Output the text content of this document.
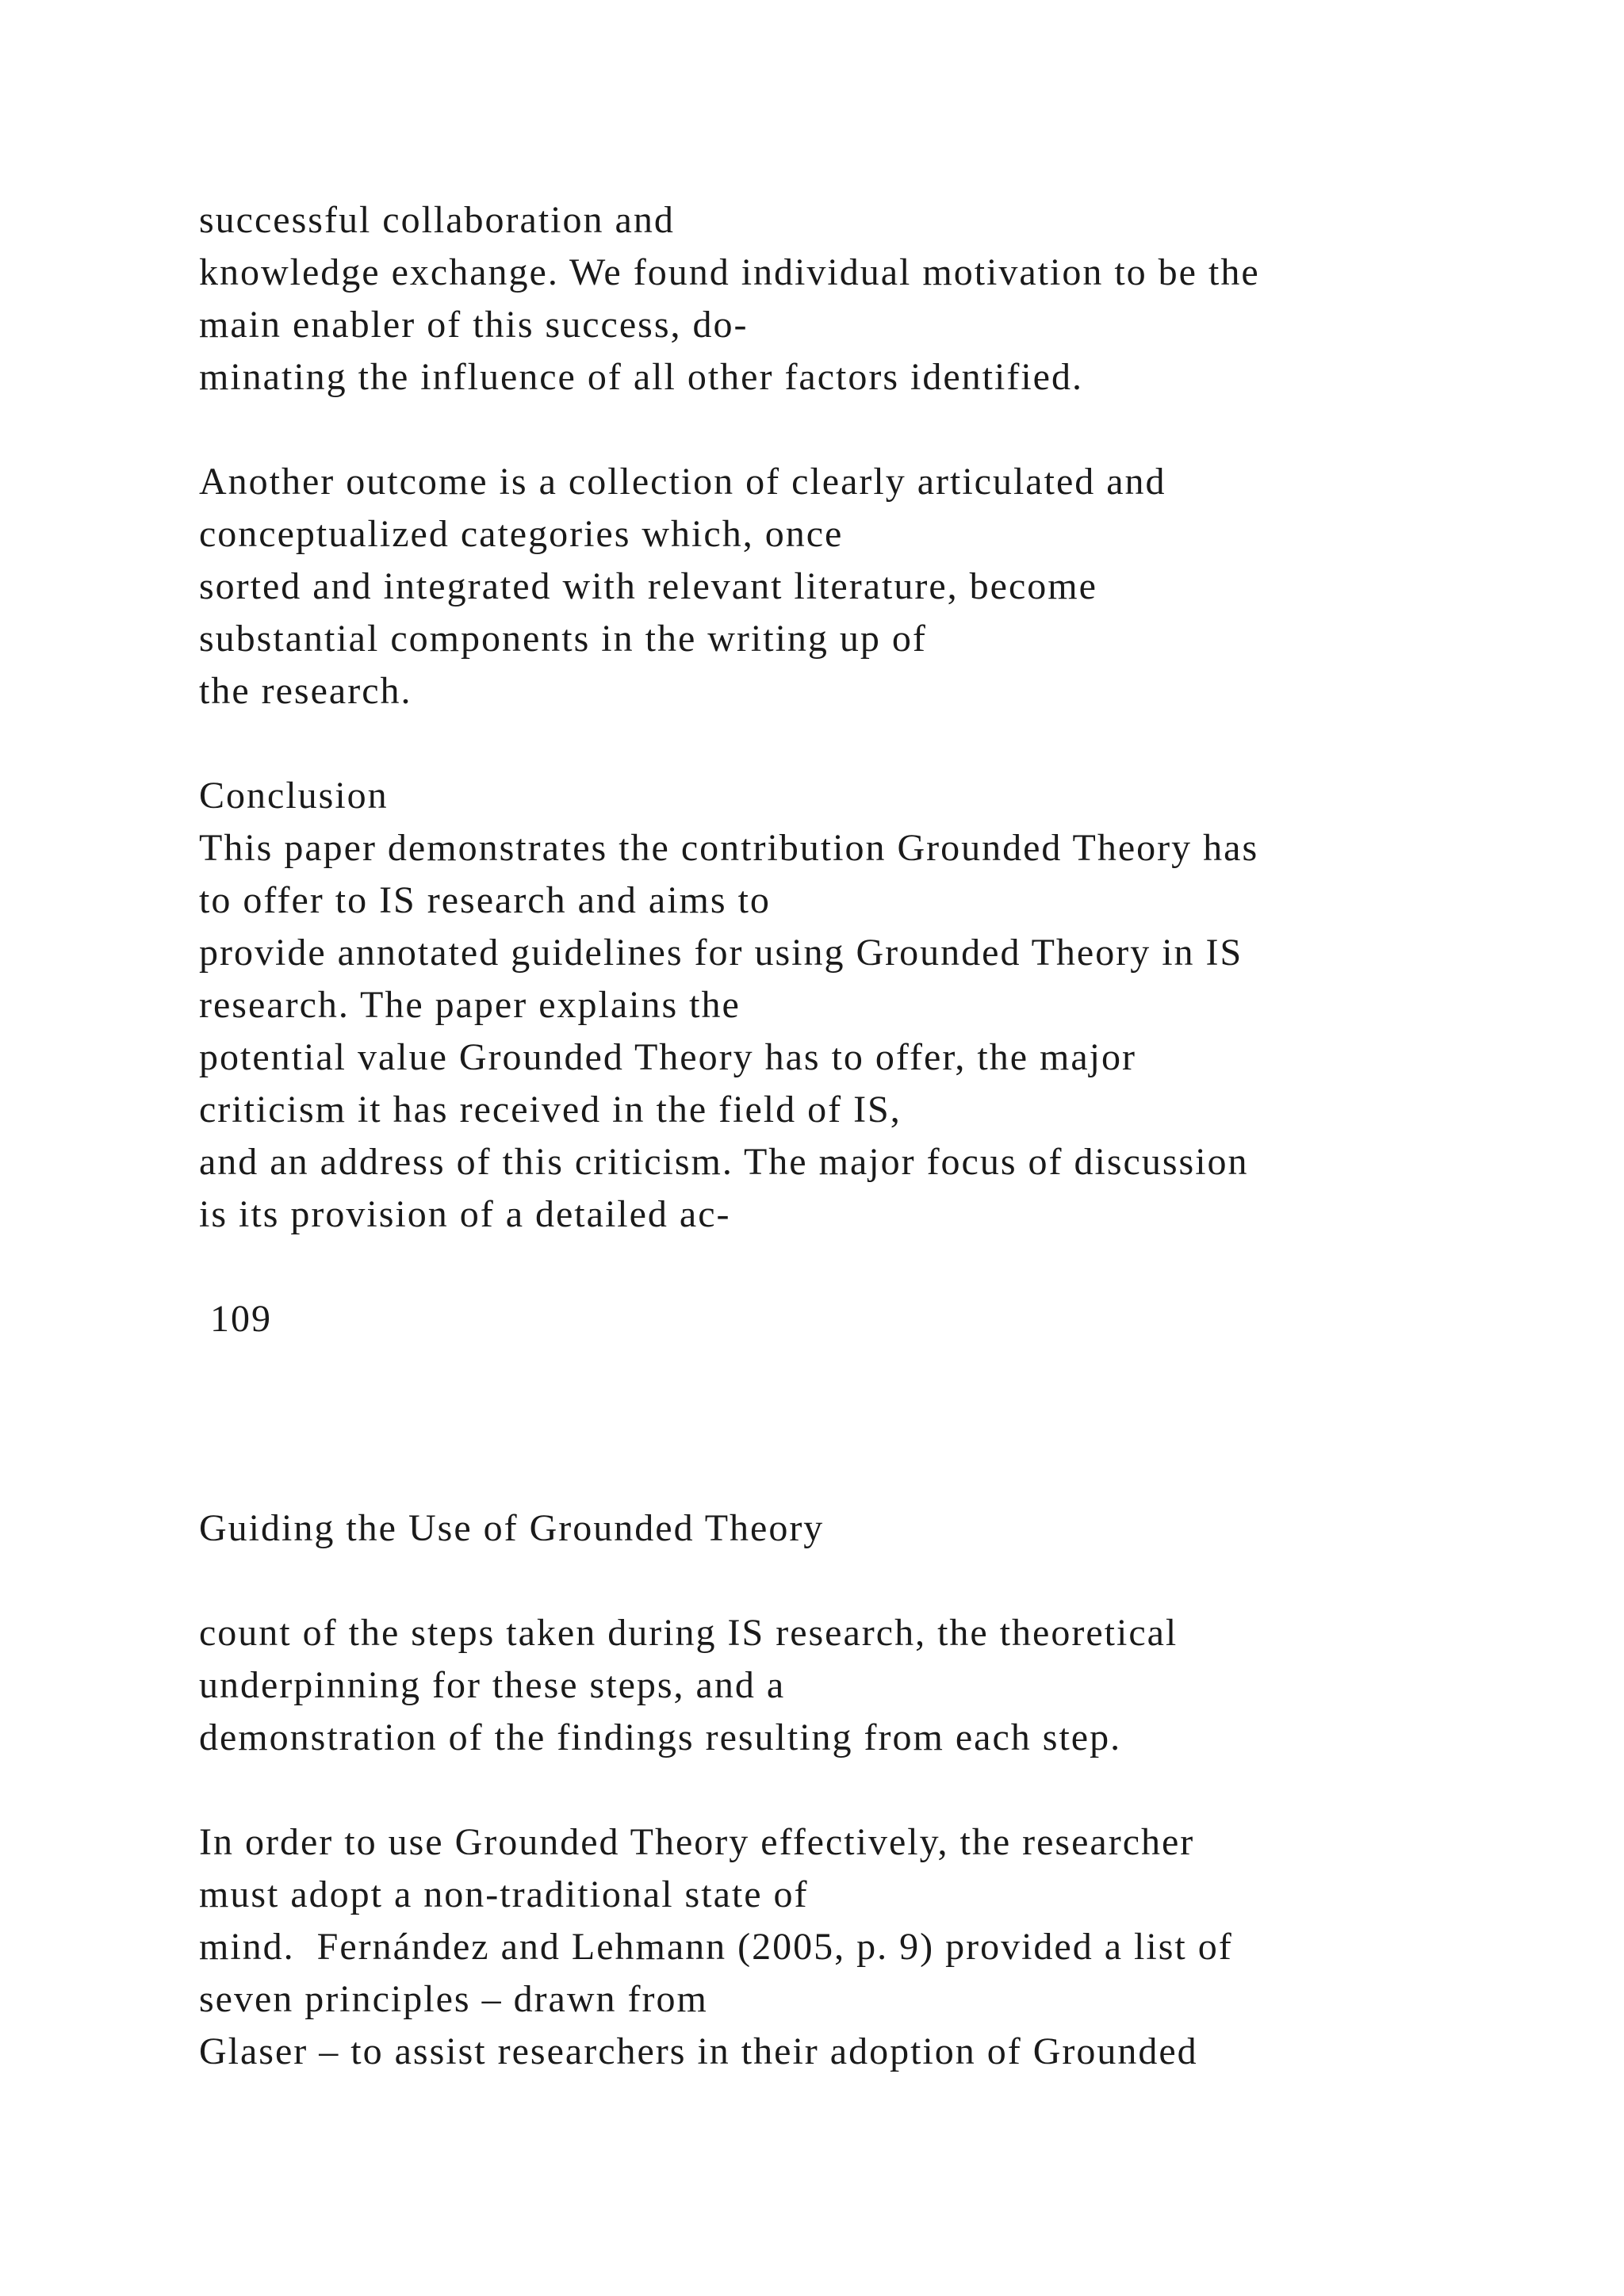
successful collaboration and

knowledge exchange. We found individual motivation to be the

main enabler of this success, do-

minating the influence of all other factors identified.

Another outcome is a collection of clearly articulated and

conceptualized categories which, once

sorted and integrated with relevant literature, become

substantial components in the writing up of

the research.

Conclusion

This paper demonstrates the contribution Grounded Theory has

to offer to IS research and aims to

provide annotated guidelines for using Grounded Theory in IS

research. The paper explains the

potential value Grounded Theory has to offer, the major

criticism it has received in the field of IS,

and an address of this criticism. The major focus of discussion

is its provision of a detailed ac-

109

Guiding the Use of Grounded Theory

count of the steps taken during IS research, the theoretical

underpinning for these steps, and a

demonstration of the findings resulting from each step.

In order to use Grounded Theory effectively, the researcher

must adopt a non-traditional state of

mind.  Fernández and Lehmann (2005, p. 9) provided a list of

seven principles – drawn from

Glaser – to assist researchers in their adoption of Grounded
